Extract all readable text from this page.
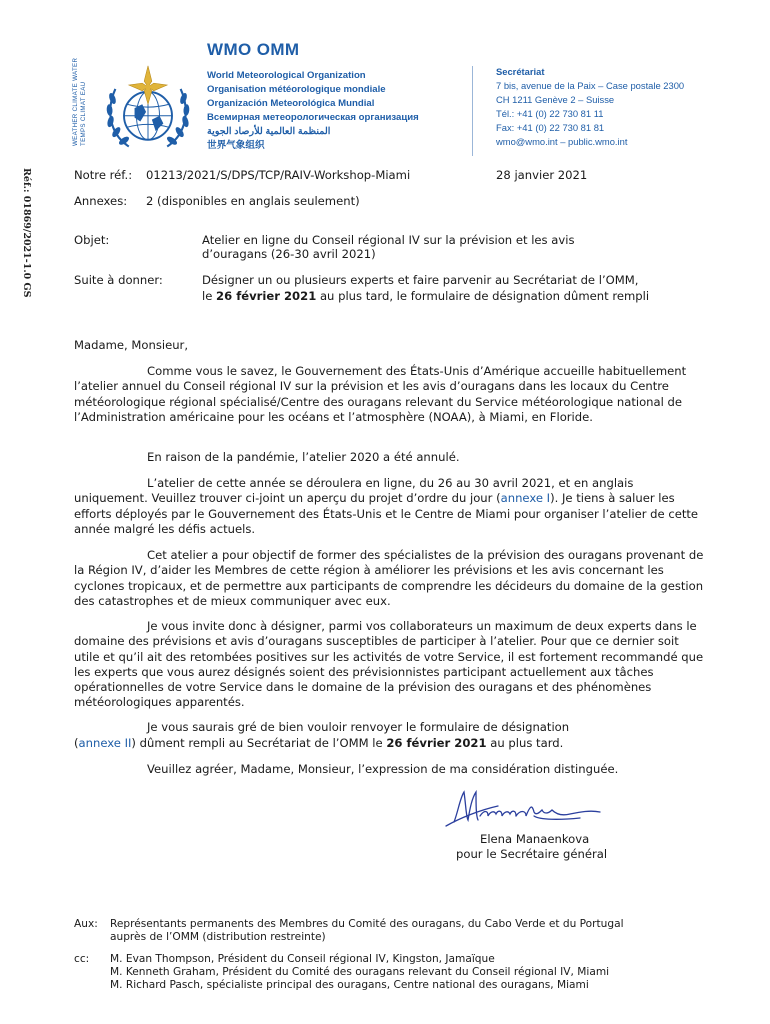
WEATHER CLIMATE WATER TEMPS CLIMAT EAU
WMO OMM
World Meteorological Organization
Organisation météorologique mondiale
Organización Meteorológica Mundial
Всемирная метеорологическая организация
المنظمة العالمية للأرصاد الجوية
世界气象组织
Secrétariat
7 bis, avenue de la Paix – Case postale 2300
CH 1211 Genève 2 – Suisse
Tél.: +41 (0) 22 730 81 11
Fax: +41 (0) 22 730 81 81
wmo@wmo.int – public.wmo.int
Réf.: 01869/2021-1.0 GS	Notre réf.: 01213/2021/S/DPS/TCP/RAIV-Workshop-Miami	28 janvier 2021
Annexes: 2 (disponibles en anglais seulement)
Objet:	Atelier en ligne du Conseil régional IV sur la prévision et les avis
d’ouragans (26-30 avril 2021)
Suite à donner:	Désigner un ou plusieurs experts et faire parvenir au Secrétariat de l’OMM,
le 26 février 2021 au plus tard, le formulaire de désignation dûment rempli
Madame, Monsieur,
Comme vous le savez, le Gouvernement des États-Unis d’Amérique accueille habituellement l’atelier annuel du Conseil régional IV sur la prévision et les avis d’ouragans dans les locaux du Centre météorologique régional spécialisé/Centre des ouragans relevant du Service météorologique national de l’Administration américaine pour les océans et l’atmosphère (NOAA), à Miami, en Floride.
En raison de la pandémie, l’atelier 2020 a été annulé.
L’atelier de cette année se déroulera en ligne, du 26 au 30 avril 2021, et en anglais uniquement. Veuillez trouver ci-joint un aperçu du projet d’ordre du jour (annexe I). Je tiens à saluer les efforts déployés par le Gouvernement des États-Unis et le Centre de Miami pour organiser l’atelier de cette année malgré les défis actuels.
Cet atelier a pour objectif de former des spécialistes de la prévision des ouragans provenant de la Région IV, d’aider les Membres de cette région à améliorer les prévisions et les avis concernant les cyclones tropicaux, et de permettre aux participants de comprendre les décideurs du domaine de la gestion des catastrophes et de mieux communiquer avec eux.
Je vous invite donc à désigner, parmi vos collaborateurs un maximum de deux experts dans le domaine des prévisions et avis d’ouragans susceptibles de participer à l’atelier. Pour que ce dernier soit utile et qu’il ait des retombées positives sur les activités de votre Service, il est fortement recommandé que les experts que vous aurez désignés soient des prévisionnistes participant actuellement aux tâches opérationnelles de votre Service dans le domaine de la prévision des ouragans et des phénomènes météorologiques apparentés.
Je vous saurais gré de bien vouloir renvoyer le formulaire de désignation
(annexe II) dûment rempli au Secrétariat de l’OMM le 26 février 2021 au plus tard.
Veuillez agréer, Madame, Monsieur, l’expression de ma considération distinguée.
Elena Manaenkova
pour le Secrétaire général
Aux: Représentants permanents des Membres du Comité des ouragans, du Cabo Verde et du Portugal
auprès de l’OMM (distribution restreinte)
cc: M. Evan Thompson, Président du Conseil régional IV, Kingston, Jamaïque
M. Kenneth Graham, Président du Comité des ouragans relevant du Conseil régional IV, Miami
M. Richard Pasch, spécialiste principal des ouragans, Centre national des ouragans, Miami
